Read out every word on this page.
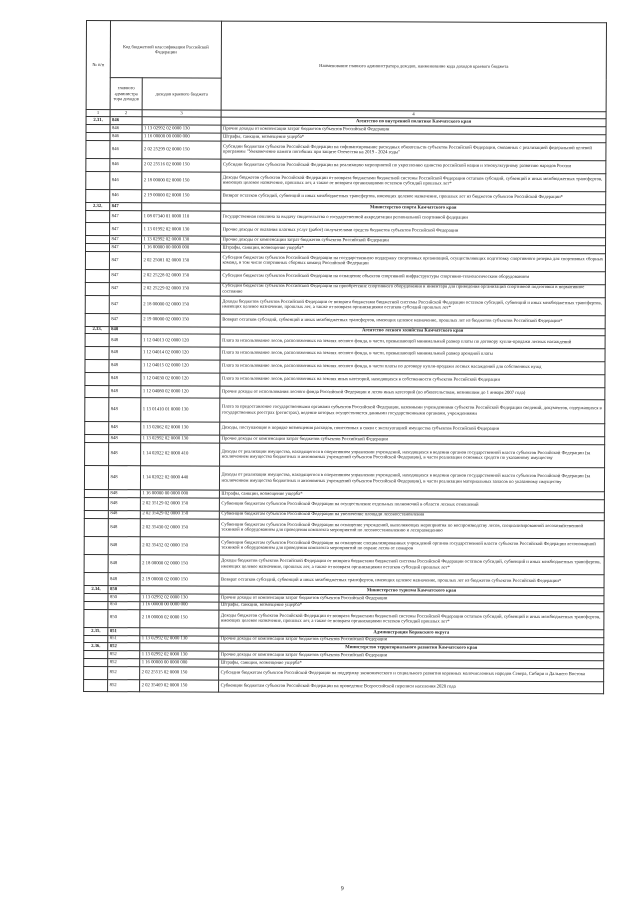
№ п/п	Код бюджетной классификации Российской Федерации		Наименование главного администратора доходов, наименование кода доходов краевого бюджета
	главного администра тора доходов	доходов краевого бюджета	
1	2	3	4
2.31.	846		Агентство по внутренней политике Камчатского края
	846	1 13 02992 02 0000 130	Прочие доходы от компенсации затрат бюджетов субъектов Российской Федерации
	846	1 16 00000 00 0000 000	Штрафы, санкции, возмещение ущерба*
	846	2 02 25299 02 0000 150	Субсидии бюджетам субъектов Российской Федерации на софинансирование расходных обязательств субъектов Российской Федерации, связанных с реализацией федеральной целевой программы "Увековечение памяти погибших при защите Отечества на 2019 - 2024 годы"
	846	2 02 25516 02 0000 150	Субсидии бюджетам субъектов Российской Федерации на реализацию мероприятий по укреплению единства российской нации и этнокультурному развитию народов России
	846	2 18 00000 02 0000 150	Доходы бюджетов субъектов Российской Федерации от возврата бюджетами бюджетной системы Российской Федерации остатков субсидий, субвенций и иных межбюджетных трансфертов, имеющих целевое назначение, прошлых лет, а также от возврата организациями остатков субсидий прошлых лет*
	846	2 19 00000 02 0000 150	Возврат остатков субсидий, субвенций и иных межбюджетных трансфертов, имеющих целевое назначение, прошлых лет из бюджетов субъектов Российской Федерации*
2.32.	847		Министерство спорта Камчатского края
	847	1 08 07340 01 0000 110	Государственная пошлина за выдачу свидетельства о государственной аккредитации региональной спортивной федерации
	847	1 13 01992 02 0000 130	Прочие доходы от оказания платных услуг (работ) получателями средств бюджетов субъектов Российской Федерации
	847	1 13 02992 02 0000 130	Прочие доходы от компенсации затрат бюджетов субъектов Российской Федерации
	847	1 16 00000 00 0000 000	Штрафы, санкции, возмещение ущерба*
	847	2 02 25081 02 0000 150	Субсидии бюджетам субъектов Российской Федерации на государственную поддержку спортивных организаций, осуществляющих подготовку спортивного резерва для спортивных сборных команд, в том числе спортивных сборных команд Российской Федерации
	847	2 02 25228 02 0000 150	Субсидии бюджетам субъектов Российской Федерации на оснащение объектов спортивной инфраструктуры спортивно-технологическим оборудованием
	847	2 02 25229 02 0000 150	Субсидии бюджетам субъектов Российской Федерации на приобретение спортивного оборудования и инвентаря для приведения организаций спортивной подготовки в нормативное состояние
	847	2 18 00000 02 0000 150	Доходы бюджетов субъектов Российской Федерации от возврата бюджетами бюджетной системы Российской Федерации остатков субсидий, субвенций и иных межбюджетных трансфертов, имеющих целевое назначение, прошлых лет, а также от возврата организациями остатков субсидий прошлых лет*
	847	2 19 00000 02 0000 150	Возврат остатков субсидий, субвенций и иных межбюджетных трансфертов, имеющих целевое назначение, прошлых лет из бюджетов субъектов Российской Федерации*
2.33.	848		Агентство лесного хозяйства Камчатского края
	848	1 12 04013 02 0000 120	Плата за использование лесов, расположенных на землях лесного фонда, в части, превышающей минимальный размер платы по договору купли-продажи лесных насаждений
	848	1 12 04014 02 0000 120	Плата за использование лесов, расположенных на землях лесного фонда, в части, превышающей минимальный размер арендной платы
	848	1 12 04015 02 0000 120	Плата за использование лесов, расположенных на землях лесного фонда, в части платы по договору купли-продажи лесных насаждений для собственных нужд
	848	1 12 04030 02 0000 120	Плата за использование лесов, расположенных на землях иных категорий, находящихся в собственности субъектов Российской Федерации
	848	1 12 04080 02 0000 120	Прочие доходы от использования лесного фонда Российской Федерации и лесов иных категорий (по обязательствам, возникшим до 1 января 2007 года)
	848	1 13 01410 01 0000 130	Плата за предоставление государственными органами субъектов Российской Федерации, казенными учреждениями субъектов Российской Федерации сведений, документов, содержащихся в государственных реестрах (регистрах), ведение которых осуществляется данными государственными органами, учреждениями
	848	1 13 02062 02 0000 130	Доходы, поступающие в порядке возмещения расходов, понесенных в связи с эксплуатацией имущества субъектов Российской Федерации
	848	1 13 02992 02 0000 130	Прочие доходы от компенсации затрат бюджетов субъектов Российской Федерации
	848	1 14 02022 02 0000 410	Доходы от реализации имущества, находящегося в оперативном управлении учреждений, находящихся в ведении органов государственной власти субъектов Российской Федерации (за исключением имущества бюджетных и автономных учреждений субъектов Российской Федерации), в части реализации основных средств по указанному имуществу
	848	1 14 02022 02 0000 440	Доходы от реализации имущества, находящегося в оперативном управлении учреждений, находящихся в ведении органов государственной власти субъектов Российской Федерации (за исключением имущества бюджетных и автономных учреждений субъектов Российской Федерации), в части реализации материальных запасов по указанному имуществу
	848	1 16 00000 00 0000 000	Штрафы, санкции, возмещение ущерба*
	848	2 02 35129 02 0000 150	Субвенции бюджетам субъектов Российской Федерации на осуществление отдельных полномочий в области лесных отношений
	848	2 02 35429 02 0000 150	Субвенции бюджетам субъектов Российской Федерации на увеличение площади лесовосстановления
	848	2 02 35430 02 0000 150	Субвенции бюджетам субъектов Российской Федерации на оснащение учреждений, выполняющих мероприятия по воспроизводству лесов, специализированной лесохозяйственной техникой и оборудованием для проведения комплекса мероприятий по лесовосстановлению и лесоразведению
	848	2 02 35432 02 0000 150	Субвенции бюджетам субъектов Российской Федерации на оснащение специализированных учреждений органов государственной власти субъектов Российской Федерации лесопожарной техникой и оборудованием для проведения комплекса мероприятий по охране лесов от пожаров
	848	2 18 00000 02 0000 150	Доходы бюджетов субъектов Российской Федерации от возврата бюджетами бюджетной системы Российской Федерации остатков субсидий, субвенций и иных межбюджетных трансфертов, имеющих целевое назначение, прошлых лет, а также от возврата организациями остатков субсидий прошлых лет*
	848	2 19 00000 02 0000 150	Возврат остатков субсидий, субвенций и иных межбюджетных трансфертов, имеющих целевое назначение, прошлых лет из бюджетов субъектов Российской Федерации*
2.34.	850		Министерство туризма Камчатского края
	850	1 13 02992 02 0000 130	Прочие доходы от компенсации затрат бюджетов субъектов Российской Федерации
	850	1 16 00000 00 0000 000	Штрафы, санкции, возмещение ущерба*
	850	2 18 00000 02 0000 150	Доходы бюджетов субъектов Российской Федерации от возврата бюджетами бюджетной системы Российской Федерации остатков субсидий, субвенций и иных межбюджетных трансфертов, имеющих целевое назначение, прошлых лет, а также от возврата организациями остатков субсидий прошлых лет*
2.35.	851		Администрация Корякского округа
	851	1 13 02992 02 0000 130	Прочие доходы от компенсации затрат бюджетов субъектов Российской Федерации
2.36.	852		Министерство территориального развития Камчатского края
	852	1 13 02992 02 0000 130	Прочие доходы от компенсации затрат бюджетов субъектов Российской Федерации
	852	1 16 00000 00 0000 000	Штрафы, санкции, возмещение ущерба*
	852	2 02 25515 02 0000 150	Субсидии бюджетам субъектов Российской Федерации на поддержку экономического и социального развития коренных малочисленных народов Севера, Сибири и Дальнего Востока
	852	2 02 35469 02 0000 150	Субвенции бюджетам субъектов Российской Федерации на проведение Всероссийской переписи населения 2020 года
9
